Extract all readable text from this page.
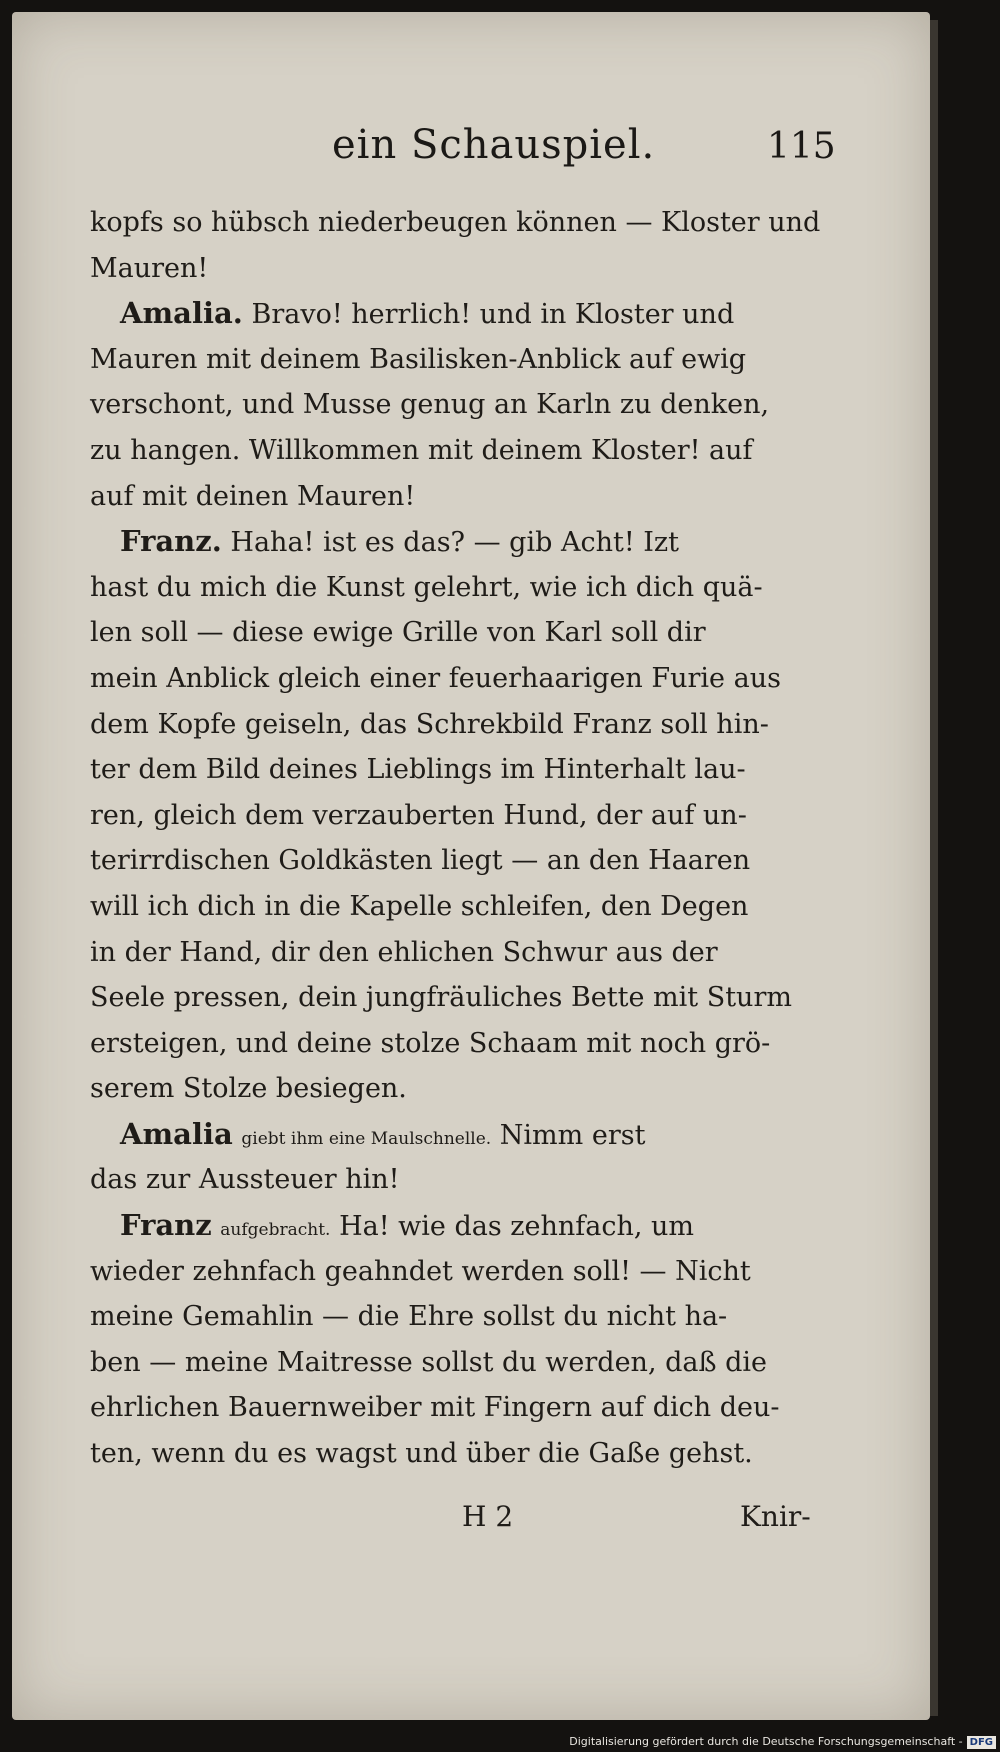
ein Schauspiel.	115
kopfs so hübsch niederbeugen können — Kloster und
Mauren!
Amalia. Bravo! herrlich! und in Kloster und
Mauren mit deinem Basilisken-Anblick auf ewig
verschont, und Musse genug an Karln zu denken,
zu hangen. Willkommen mit deinem Kloster! auf
auf mit deinen Mauren!
Franz. Haha! ist es das? — gib Acht! Izt
hast du mich die Kunst gelehrt, wie ich dich quä-
len soll — diese ewige Grille von Karl soll dir
mein Anblick gleich einer feuerhaarigen Furie aus
dem Kopfe geiseln, das Schrekbild Franz soll hin-
ter dem Bild deines Lieblings im Hinterhalt lau-
ren, gleich dem verzauberten Hund, der auf un-
terirrdischen Goldkästen liegt — an den Haaren
will ich dich in die Kapelle schleifen, den Degen
in der Hand, dir den ehlichen Schwur aus der
Seele pressen, dein jungfräuliches Bette mit Sturm
ersteigen, und deine stolze Schaam mit noch grö-
serem Stolze besiegen.
Amalia giebt ihm eine Maulschnelle. Nimm erst
das zur Aussteuer hin!
Franz aufgebracht. Ha! wie das zehnfach, um
wieder zehnfach geahndet werden soll! — Nicht
meine Gemahlin — die Ehre sollst du nicht ha-
ben — meine Maitresse sollst du werden, daß die
ehrlichen Bauernweiber mit Fingern auf dich deu-
ten, wenn du es wagst und über die Gaße gehst.
H 2	Knir-
Digitalisierung gefördert durch die Deutsche Forschungsgemeinschaft - DFG
